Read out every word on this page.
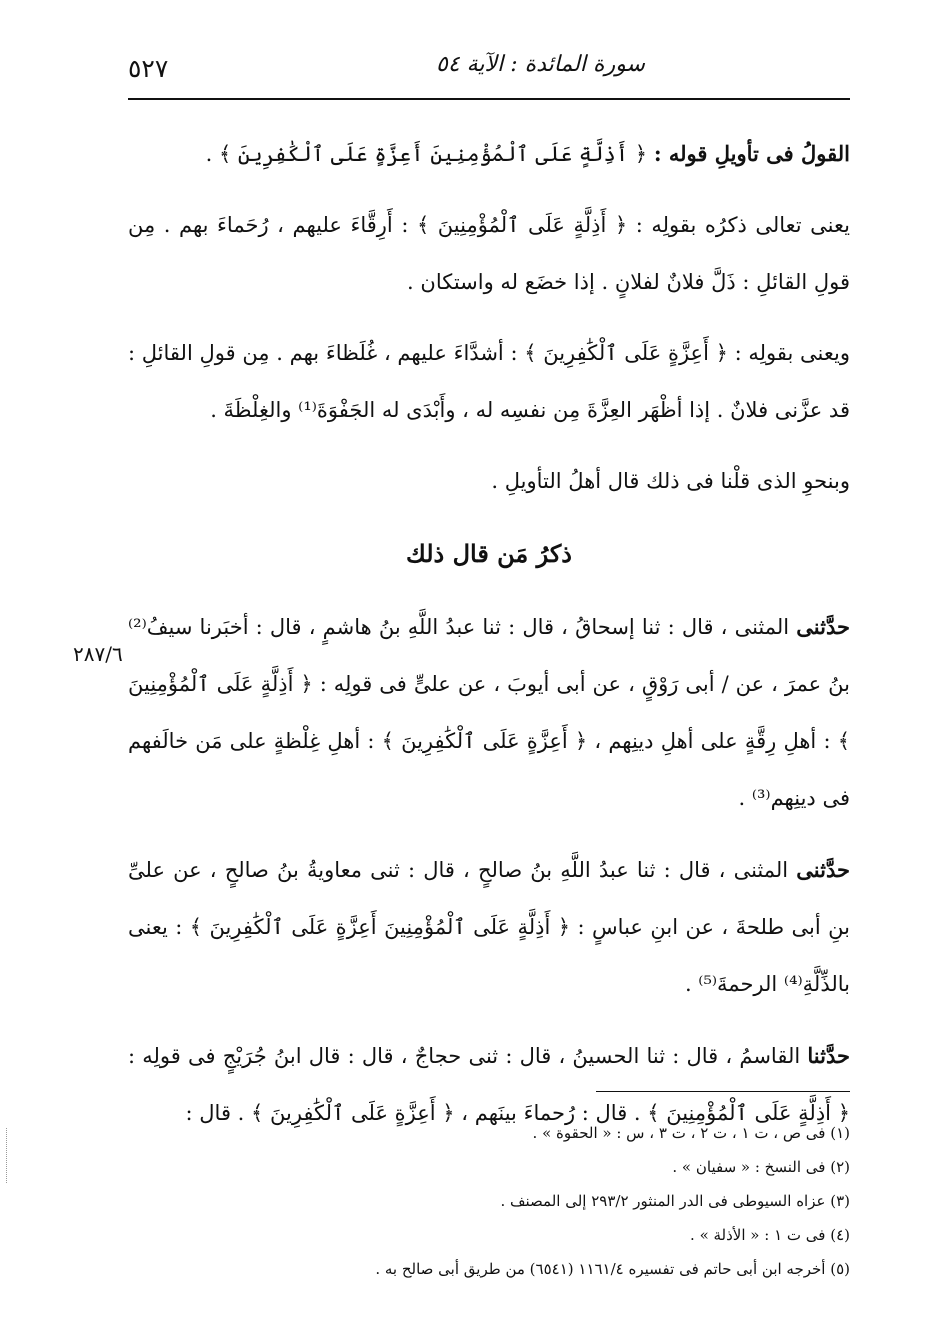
٥٢٧	سورة المائدة : الآية ٥٤

القولُ فى تأويلِ قوله : ﴿ أَذِلَّةٍ عَلَى ٱلْمُؤْمِنِينَ أَعِزَّةٍ عَلَى ٱلْكَٰفِرِينَ ﴾ .

يعنى تعالى ذكرُه بقولِه : ﴿ أَذِلَّةٍ عَلَى ٱلْمُؤْمِنِينَ ﴾ : أَرِقَّاءَ عليهم ، رُحَماءَ بهم . مِن قولِ القائلِ : ذَلَّ فلانٌ لفلانٍ . إذا خضَع له واستكان .

ويعنى بقولِه : ﴿ أَعِزَّةٍ عَلَى ٱلْكَٰفِرِينَ ﴾ : أشدَّاءَ عليهم ، غُلَظاءَ بهم . مِن قولِ القائلِ : قد عزَّنى فلانٌ . إذا أظْهَر العِزَّةَ مِن نفسِه له ، وأَبْدَى له الجَفْوَةَ⁽¹⁾ والغِلْظَةَ .

وبنحوِ الذى قلْنا فى ذلك قال أهلُ التأويلِ .

ذكرُ مَن قال ذلك

حدَّثنى المثنى ، قال : ثنا إسحاقُ ، قال : ثنا عبدُ اللَّهِ بنُ هاشمٍ ، قال : أخبَرنا سيفُ⁽²⁾ بنُ عمرَ ، عن / أبى رَوْقٍ ، عن أبى أيوبَ ، عن علىٍّ فى قولِه : ﴿ أَذِلَّةٍ عَلَى ٱلْمُؤْمِنِينَ ﴾ : أهلِ رِقَّةٍ على أهلِ دينِهم ، ﴿ أَعِزَّةٍ عَلَى ٱلْكَٰفِرِينَ ﴾ : أهلِ غِلْظةٍ على مَن خالَفهم فى دينِهم⁽³⁾ .

حدَّثنى المثنى ، قال : ثنا عبدُ اللَّهِ بنُ صالحٍ ، قال : ثنى معاويةُ بنُ صالحٍ ، عن علىِّ بنِ أبى طلحةَ ، عن ابنِ عباسٍ : ﴿ أَذِلَّةٍ عَلَى ٱلْمُؤْمِنِينَ أَعِزَّةٍ عَلَى ٱلْكَٰفِرِينَ ﴾ : يعنى بالذِّلَّةِ⁽⁴⁾ الرحمةَ⁽⁵⁾ .

حدَّثنا القاسمُ ، قال : ثنا الحسينُ ، قال : ثنى حجاجٌ ، قال : قال ابنُ جُرَيْجٍ فى قولِه : ﴿ أَذِلَّةٍ عَلَى ٱلْمُؤْمِنِينَ ﴾ . قال : رُحماءَ بينَهم ، ﴿ أَعِزَّةٍ عَلَى ٱلْكَٰفِرِينَ ﴾ . قال :

٢٨٧/٦
(١) فى ص ، ت ١ ، ت ٢ ، ت ٣ ، س : « الحقوة » .
(٢) فى النسخ : « سفيان » .
(٣) عزاه السيوطى فى الدر المنثور ٢٩٣/٢ إلى المصنف .
(٤) فى ت ١ : « الأذلة » .
(٥) أخرجه ابن أبى حاتم فى تفسيره ١١٦١/٤ (٦٥٤١) من طريق أبى صالح به .
